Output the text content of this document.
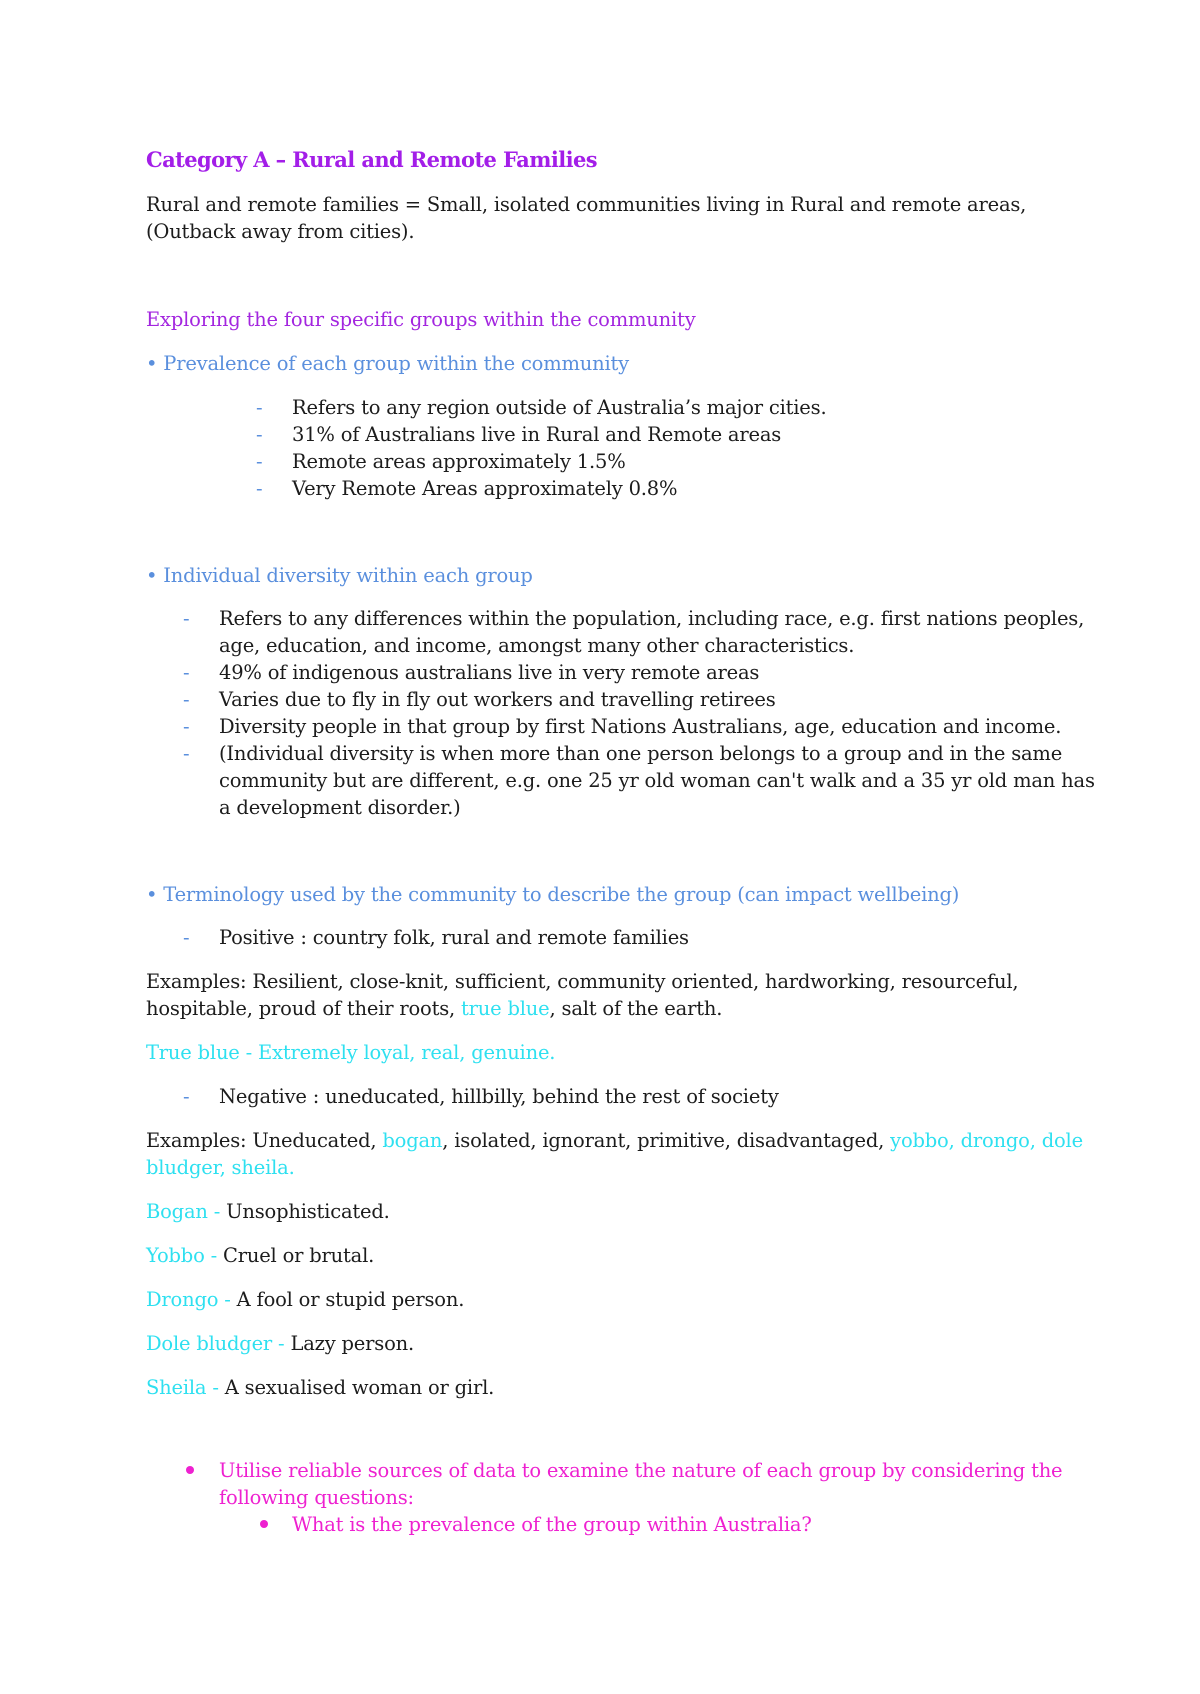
Category A – Rural and Remote Families
Rural and remote families = Small, isolated communities living in Rural and remote areas,
(Outback away from cities).
Exploring the four specific groups within the community
• Prevalence of each group within the community
- Refers to any region outside of Australia’s major cities.
- 31% of Australians live in Rural and Remote areas
- Remote areas approximately 1.5%
- Very Remote Areas approximately 0.8%
• Individual diversity within each group
- Refers to any differences within the population, including race, e.g. first nations peoples,
age, education, and income, amongst many other characteristics.
- 49% of indigenous australians live in very remote areas
- Varies due to fly in fly out workers and travelling retirees
- Diversity people in that group by first Nations Australians, age, education and income.
- (Individual diversity is when more than one person belongs to a group and in the same
community but are different, e.g. one 25 yr old woman can't walk and a 35 yr old man has
a development disorder.)
• Terminology used by the community to describe the group (can impact wellbeing)
- Positive : country folk, rural and remote families
Examples: Resilient, close-knit, sufficient, community oriented, hardworking, resourceful,
hospitable, proud of their roots, true blue, salt of the earth.
True blue - Extremely loyal, real, genuine.
- Negative : uneducated, hillbilly, behind the rest of society
Examples: Uneducated, bogan, isolated, ignorant, primitive, disadvantaged, yobbo, drongo, dole
bludger, sheila.
Bogan - Unsophisticated.
Yobbo - Cruel or brutal.
Drongo - A fool or stupid person.
Dole bludger - Lazy person.
Sheila - A sexualised woman or girl.
Utilise reliable sources of data to examine the nature of each group by considering the
following questions:
What is the prevalence of the group within Australia?
